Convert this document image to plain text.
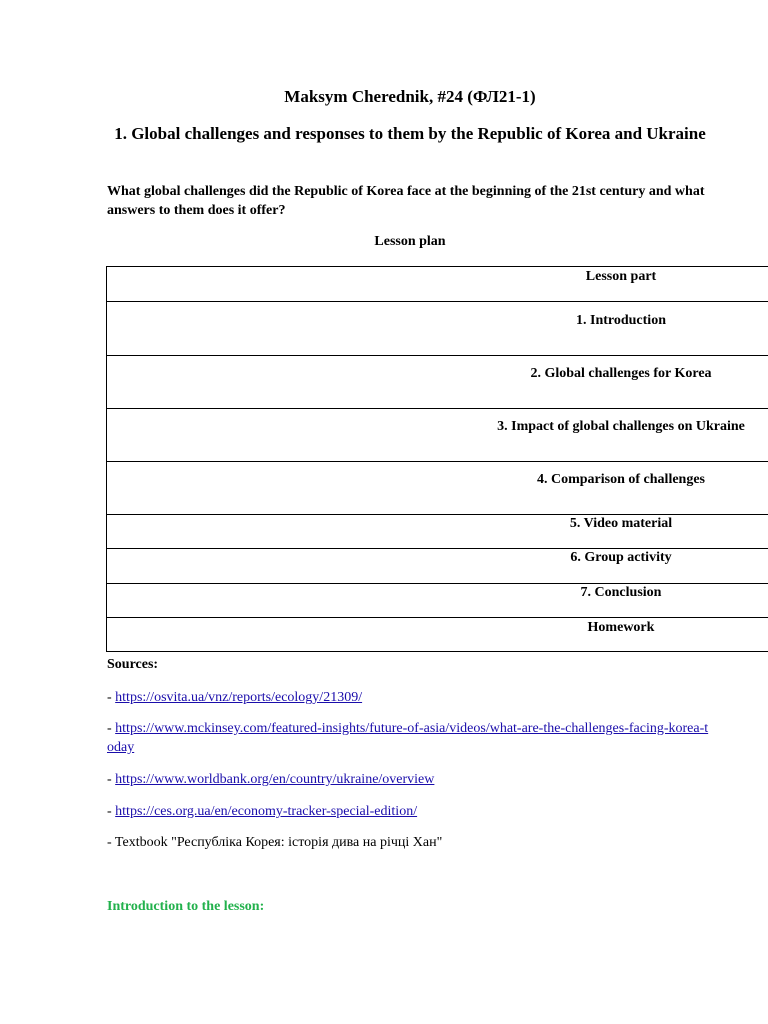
Maksym Cherednik, #24 (ФЛ21-1)
1. Global challenges and responses to them by the Republic of Korea and Ukraine
What global challenges did the Republic of Korea face at the beginning of the 21st century and what answers to them does it offer?
Lesson plan
Lesson part
1. Introduction
2. Global challenges for Korea
3. Impact of global challenges on Ukraine
4. Comparison of challenges
5. Video material
6. Group activity
7. Conclusion
Homework
Sources:
- https://osvita.ua/vnz/reports/ecology/21309/
- https://www.mckinsey.com/featured-insights/future-of-asia/videos/what-are-the-challenges-facing-korea-today
- https://www.worldbank.org/en/country/ukraine/overview
- https://ces.org.ua/en/economy-tracker-special-edition/
- Textbook "Республіка Корея: історія дива на річці Хан"
Introduction to the lesson:
